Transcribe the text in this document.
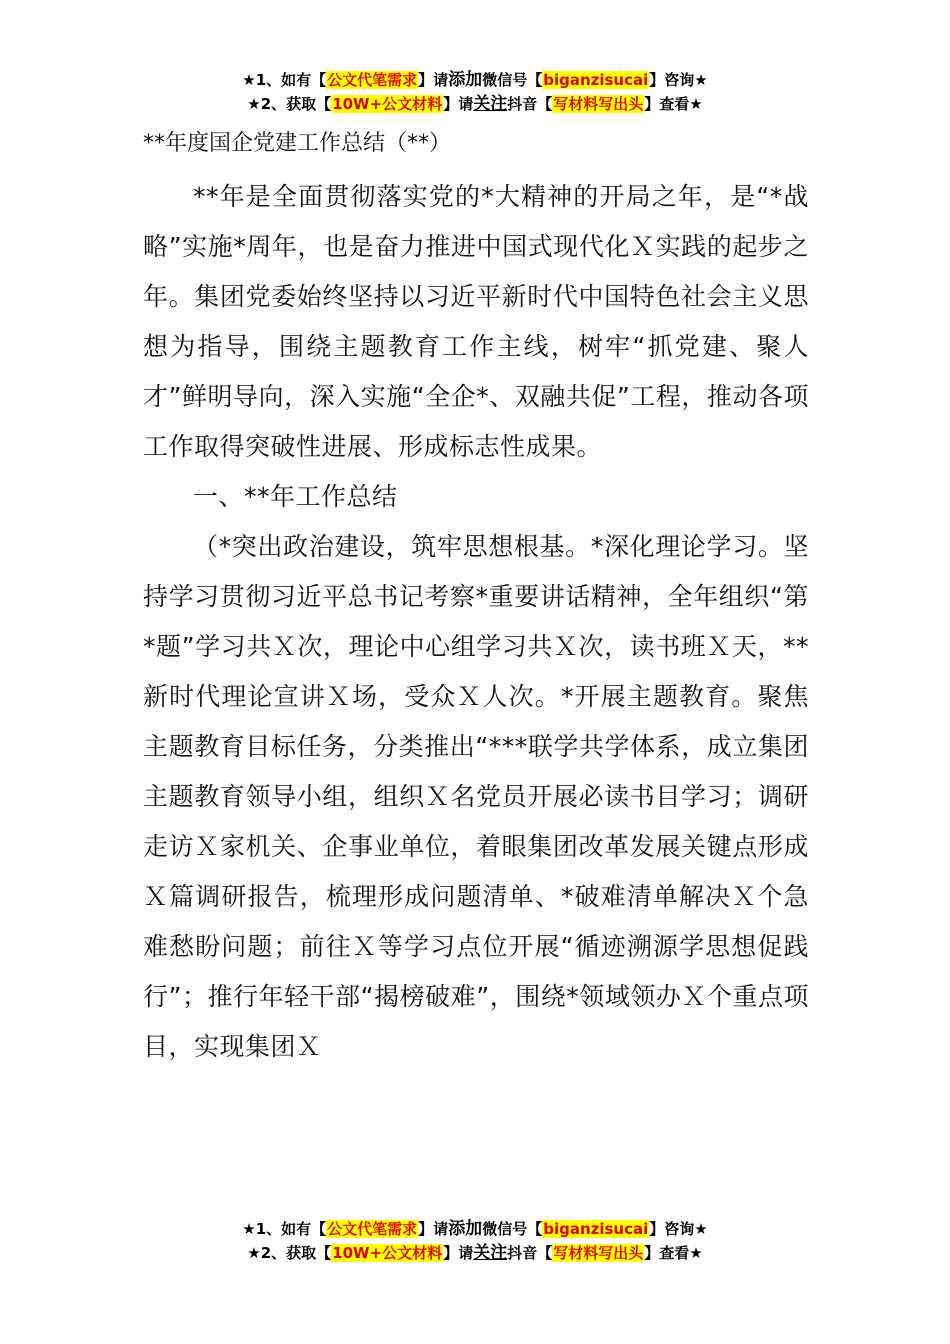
★1、如有【公文代笔需求】请添加微信号【biganzisucai】咨询★
★2、获取【10W+公文材料】请关注抖音【写材料写出头】查看★
**年度国企党建工作总结（**）

**年是全面贯彻落实党的*大精神的开局之年，是“*战略”实施*周年，也是奋力推进中国式现代化Ｘ实践的起步之年。集团党委始终坚持以习近平新时代中国特色社会主义思想为指导，围绕主题教育工作主线，树牢“抓党建、聚人才”鲜明导向，深入实施“全企*、双融共促”工程，推动各项工作取得突破性进展、形成标志性成果。

一、**年工作总结

（*突出政治建设，筑牢思想根基。*深化理论学习。坚持学习贯彻习近平总书记考察*重要讲话精神，全年组织“第*题”学习共Ｘ次，理论中心组学习共Ｘ次，读书班Ｘ天，**新时代理论宣讲Ｘ场，受众Ｘ人次。*开展主题教育。聚焦主题教育目标任务，分类推出“***联学共学体系，成立集团主题教育领导小组，组织Ｘ名党员开展必读书目学习；调研走访Ｘ家机关、企事业单位，着眼集团改革发展关键点形成Ｘ篇调研报告，梳理形成问题清单、*破难清单解决Ｘ个急难愁盼问题；前往Ｘ等学习点位开展“循迹溯源学思想促践行”；推行年轻干部“揭榜破难”，围绕*领域领办Ｘ个重点项目，实现集团Ｘ

★1、如有【公文代笔需求】请添加微信号【biganzisucai】咨询★
★2、获取【10W+公文材料】请关注抖音【写材料写出头】查看★
